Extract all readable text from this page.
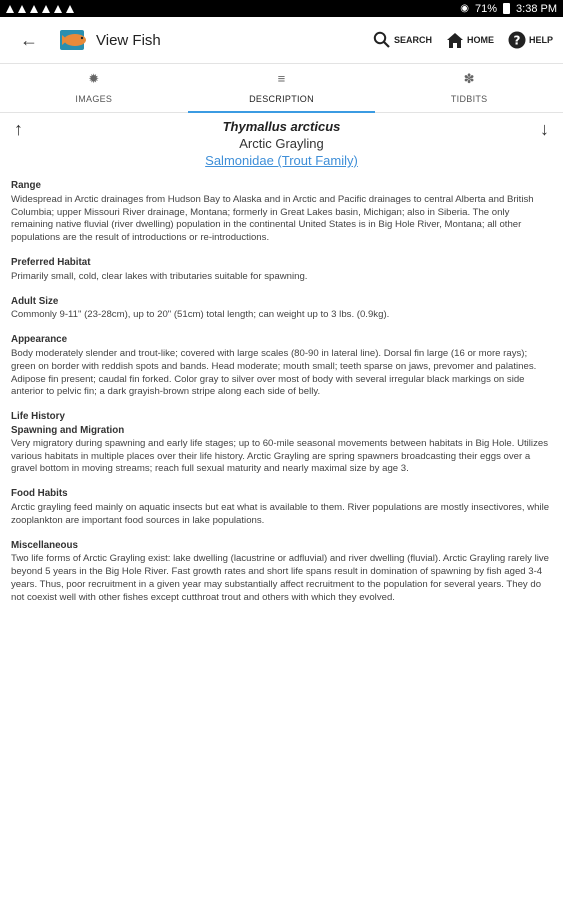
◉ 71% 3:38 PM
←	View Fish	SEARCH	HOME ? HELP
✹
IMAGES
≡
DESCRIPTION
✽
TIDBITS
↑	↓
Thymallus arcticus
Arctic Grayling
Salmonidae (Trout Family)
Range
Widespread in Arctic drainages from Hudson Bay to Alaska and in Arctic and Pacific drainages to central Alberta and British Columbia; upper Missouri River drainage, Montana; formerly in Great Lakes basin, Michigan; also in Siberia. The only remaining native fluvial (river dwelling) population in the continental United States is in Big Hole River, Montana; all other populations are the result of introductions or re-introductions.
Preferred Habitat
Primarily small, cold, clear lakes with tributaries suitable for spawning.
Adult Size
Commonly 9-11" (23-28cm), up to 20" (51cm) total length; can weight up to 3 lbs. (0.9kg).
Appearance
Body moderately slender and trout-like; covered with large scales (80-90 in lateral line). Dorsal fin large (16 or more rays); green on border with reddish spots and bands. Head moderate; mouth small; teeth sparse on jaws, prevomer and palatines. Adipose fin present; caudal fin forked. Color gray to silver over most of body with several irregular black markings on side anterior to pelvic fin; a dark grayish-brown stripe along each side of belly.
Life History
Spawning and Migration
Very migratory during spawning and early life stages; up to 60-mile seasonal movements between habitats in Big Hole. Utilizes various habitats in multiple places over their life history. Arctic Grayling are spring spawners broadcasting their eggs over a gravel bottom in moving streams; reach full sexual maturity and nearly maximal size by age 3.
Food Habits
Arctic grayling feed mainly on aquatic insects but eat what is available to them. River populations are mostly insectivores, while zooplankton are important food sources in lake populations.
Miscellaneous
Two life forms of Arctic Grayling exist: lake dwelling (lacustrine or adfluvial) and river dwelling (fluvial). Arctic Grayling rarely live beyond 5 years in the Big Hole River. Fast growth rates and short life spans result in domination of spawning by fish aged 3-4 years. Thus, poor recruitment in a given year may substantially affect recruitment to the population for several years. They do not coexist well with other fishes except cutthroat trout and others with which they evolved.
